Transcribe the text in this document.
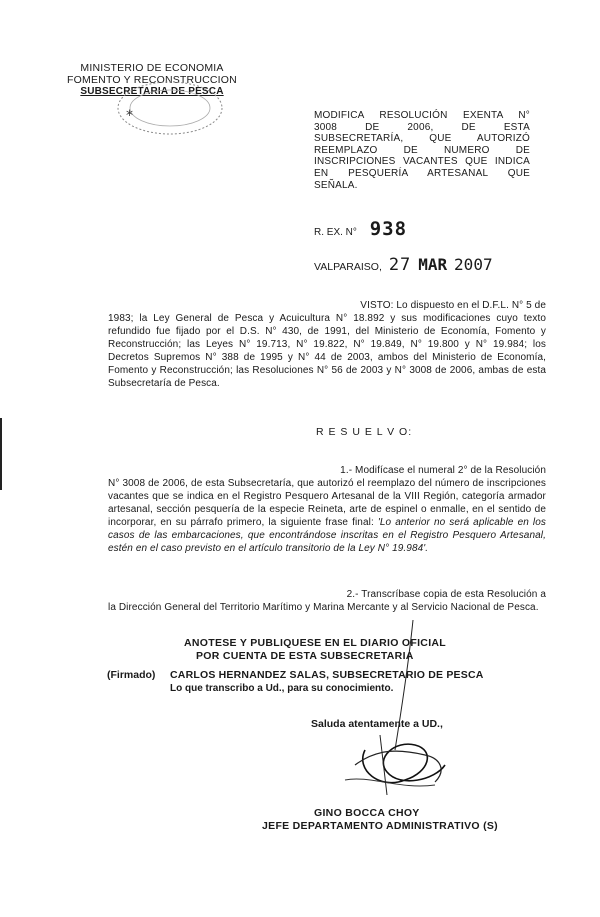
MINISTERIO DE ECONOMIA
FOMENTO Y RECONSTRUCCION
SUBSECRETARIA DE PESCA
*	MODIFICA RESOLUCIÓN EXENTA N°
3008 DE 2006, DE ESTA
SUBSECRETARÍA, QUE AUTORIZÓ
REEMPLAZO DE NUMERO DE
INSCRIPCIONES VACANTES QUE INDICA
EN PESQUERÍA ARTESANAL QUE
SEÑALA.
R. EX. N° 938
VALPARAISO, 27 MAR 2007
VISTO: Lo dispuesto en el D.F.L. N° 5 de
1983; la Ley General de Pesca y Acuicultura N° 18.892 y sus modificaciones cuyo texto refundido fue fijado por el D.S. N° 430, de 1991, del Ministerio de Economía, Fomento y Reconstrucción; las Leyes N° 19.713, N° 19.822, N° 19.849, N° 19.800 y N° 19.984; los Decretos Supremos N° 388 de 1995 y N° 44 de 2003, ambos del Ministerio de Economía, Fomento y Reconstrucción; las Resoluciones N° 56 de 2003 y N° 3008 de 2006, ambas de esta Subsecretaría de Pesca.
R E S U E L V O:
1.- Modifícase el numeral 2° de la Resolución
N° 3008 de 2006, de esta Subsecretaría, que autorizó el reemplazo del número de inscripciones vacantes que se indica en el Registro Pesquero Artesanal de la VIII Región, categoría armador artesanal, sección pesquería de la especie Reineta, arte de espinel o enmalle, en el sentido de incorporar, en su párrafo primero, la siguiente frase final: 'Lo anterior no será aplicable en los casos de las embarcaciones, que encontrándose inscritas en el Registro Pesquero Artesanal, estén en el caso previsto en el artículo transitorio de la Ley N° 19.984'.
2.- Transcríbase copia de esta Resolución a
la Dirección General del Territorio Marítimo y Marina Mercante y al Servicio Nacional de Pesca.
ANOTESE Y PUBLIQUESE EN EL DIARIO OFICIAL
POR CUENTA DE ESTA SUBSECRETARIA
(Firmado) CARLOS HERNANDEZ SALAS, SUBSECRETARIO DE PESCA
Lo que transcribo a Ud., para su conocimiento.
Saluda atentamente a UD.,
GINO BOCCA CHOY
JEFE DEPARTAMENTO ADMINISTRATIVO (S)
